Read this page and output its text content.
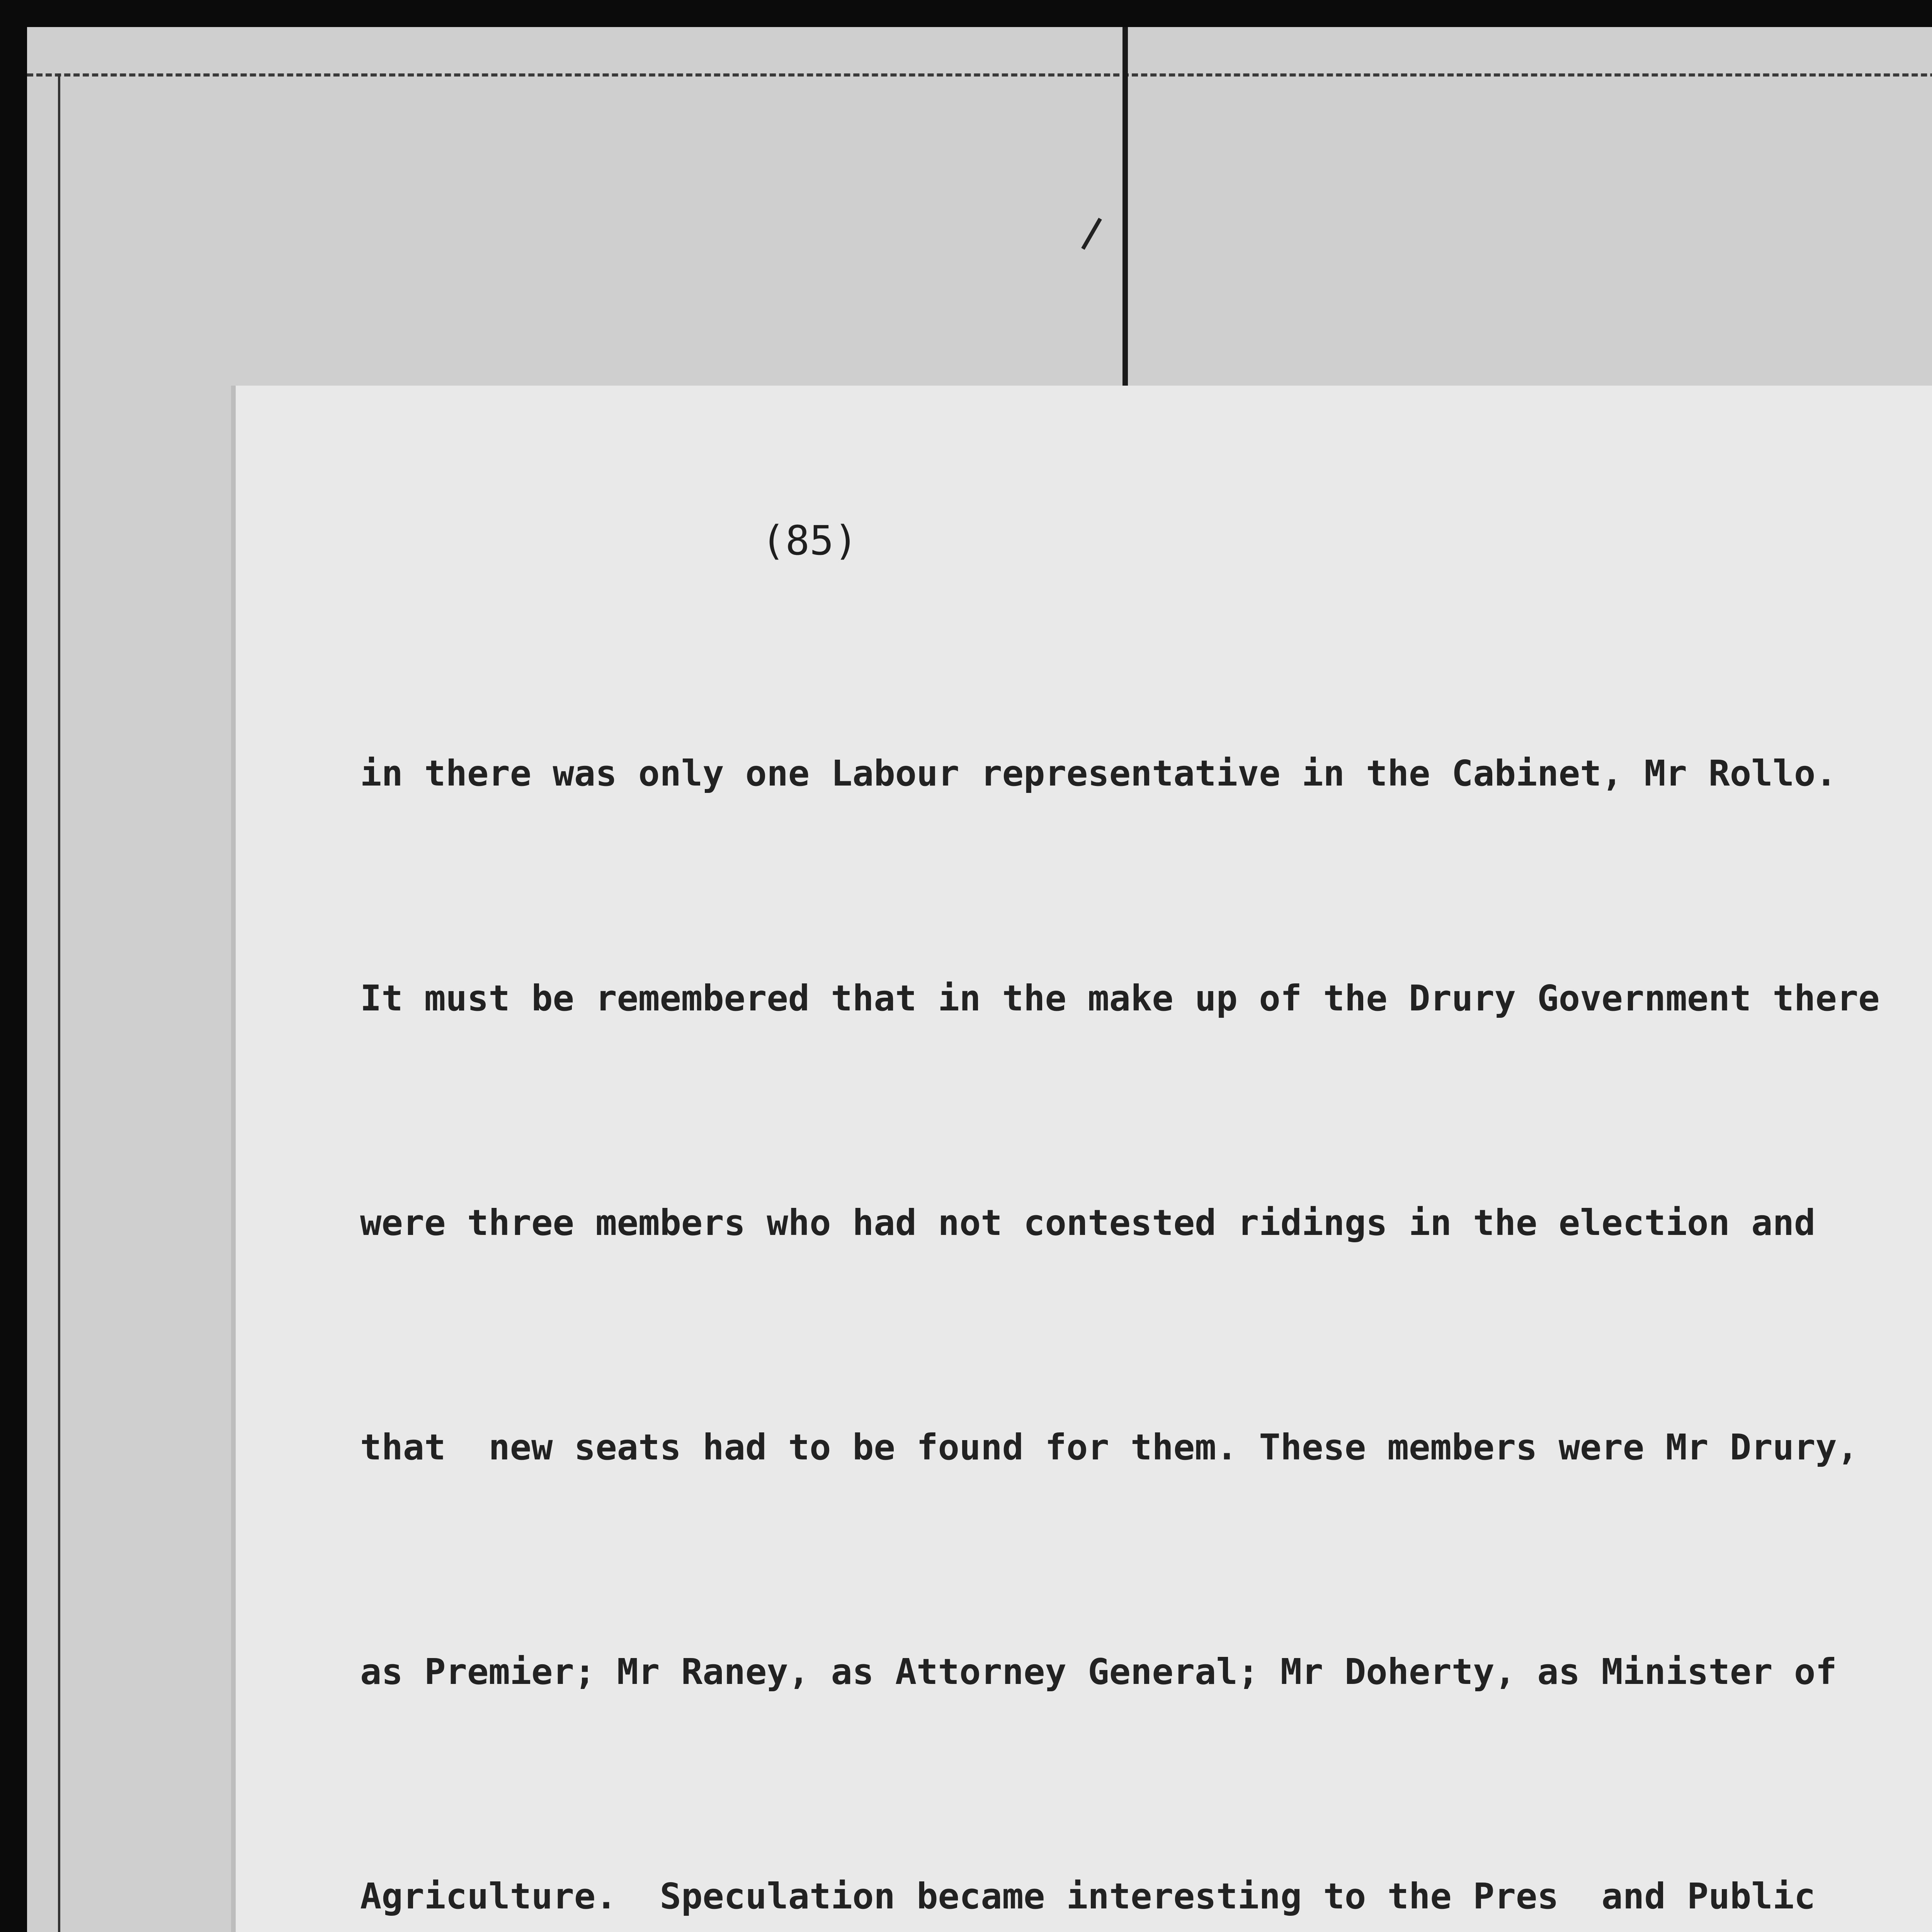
(85)

in there was only one Labour representative in the Cabinet, Mr Rollo.

It must be remembered that in the make up of the Drury Government there

were three members who had not contested ridings in the election and

that  new seats had to be found for them. These members were Mr Drury,

as Premier; Mr Raney, as Attorney General; Mr Doherty, as Minister of

Agriculture.  Speculation became interesting to the Pres  and Public
